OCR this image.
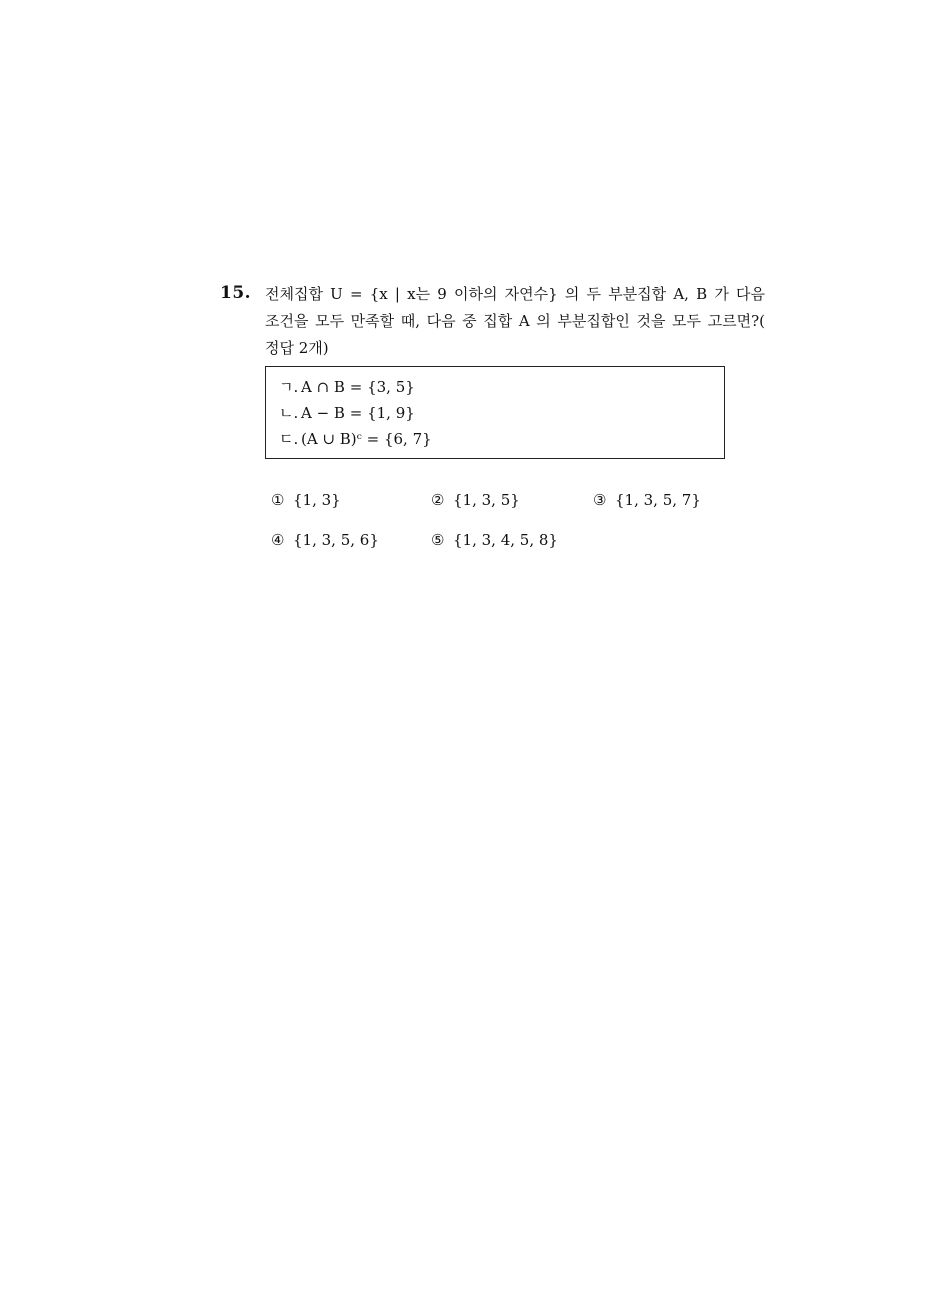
15. 전체집합 U = {x | x는 9 이하의 자연수} 의 두 부분집합 A, B 가 다음
조건을 모두 만족할 때, 다음 중 집합 A 의 부분집합인 것을 모두 고르면?(
정답 2개)
ㄱ. A ∩ B = {3, 5}
ㄴ. A − B = {1, 9}
ㄷ. (A ∪ B)ᶜ = {6, 7}
① {1, 3}	② {1, 3, 5}	③ {1, 3, 5, 7}
④ {1, 3, 5, 6}	⑤ {1, 3, 4, 5, 8}
